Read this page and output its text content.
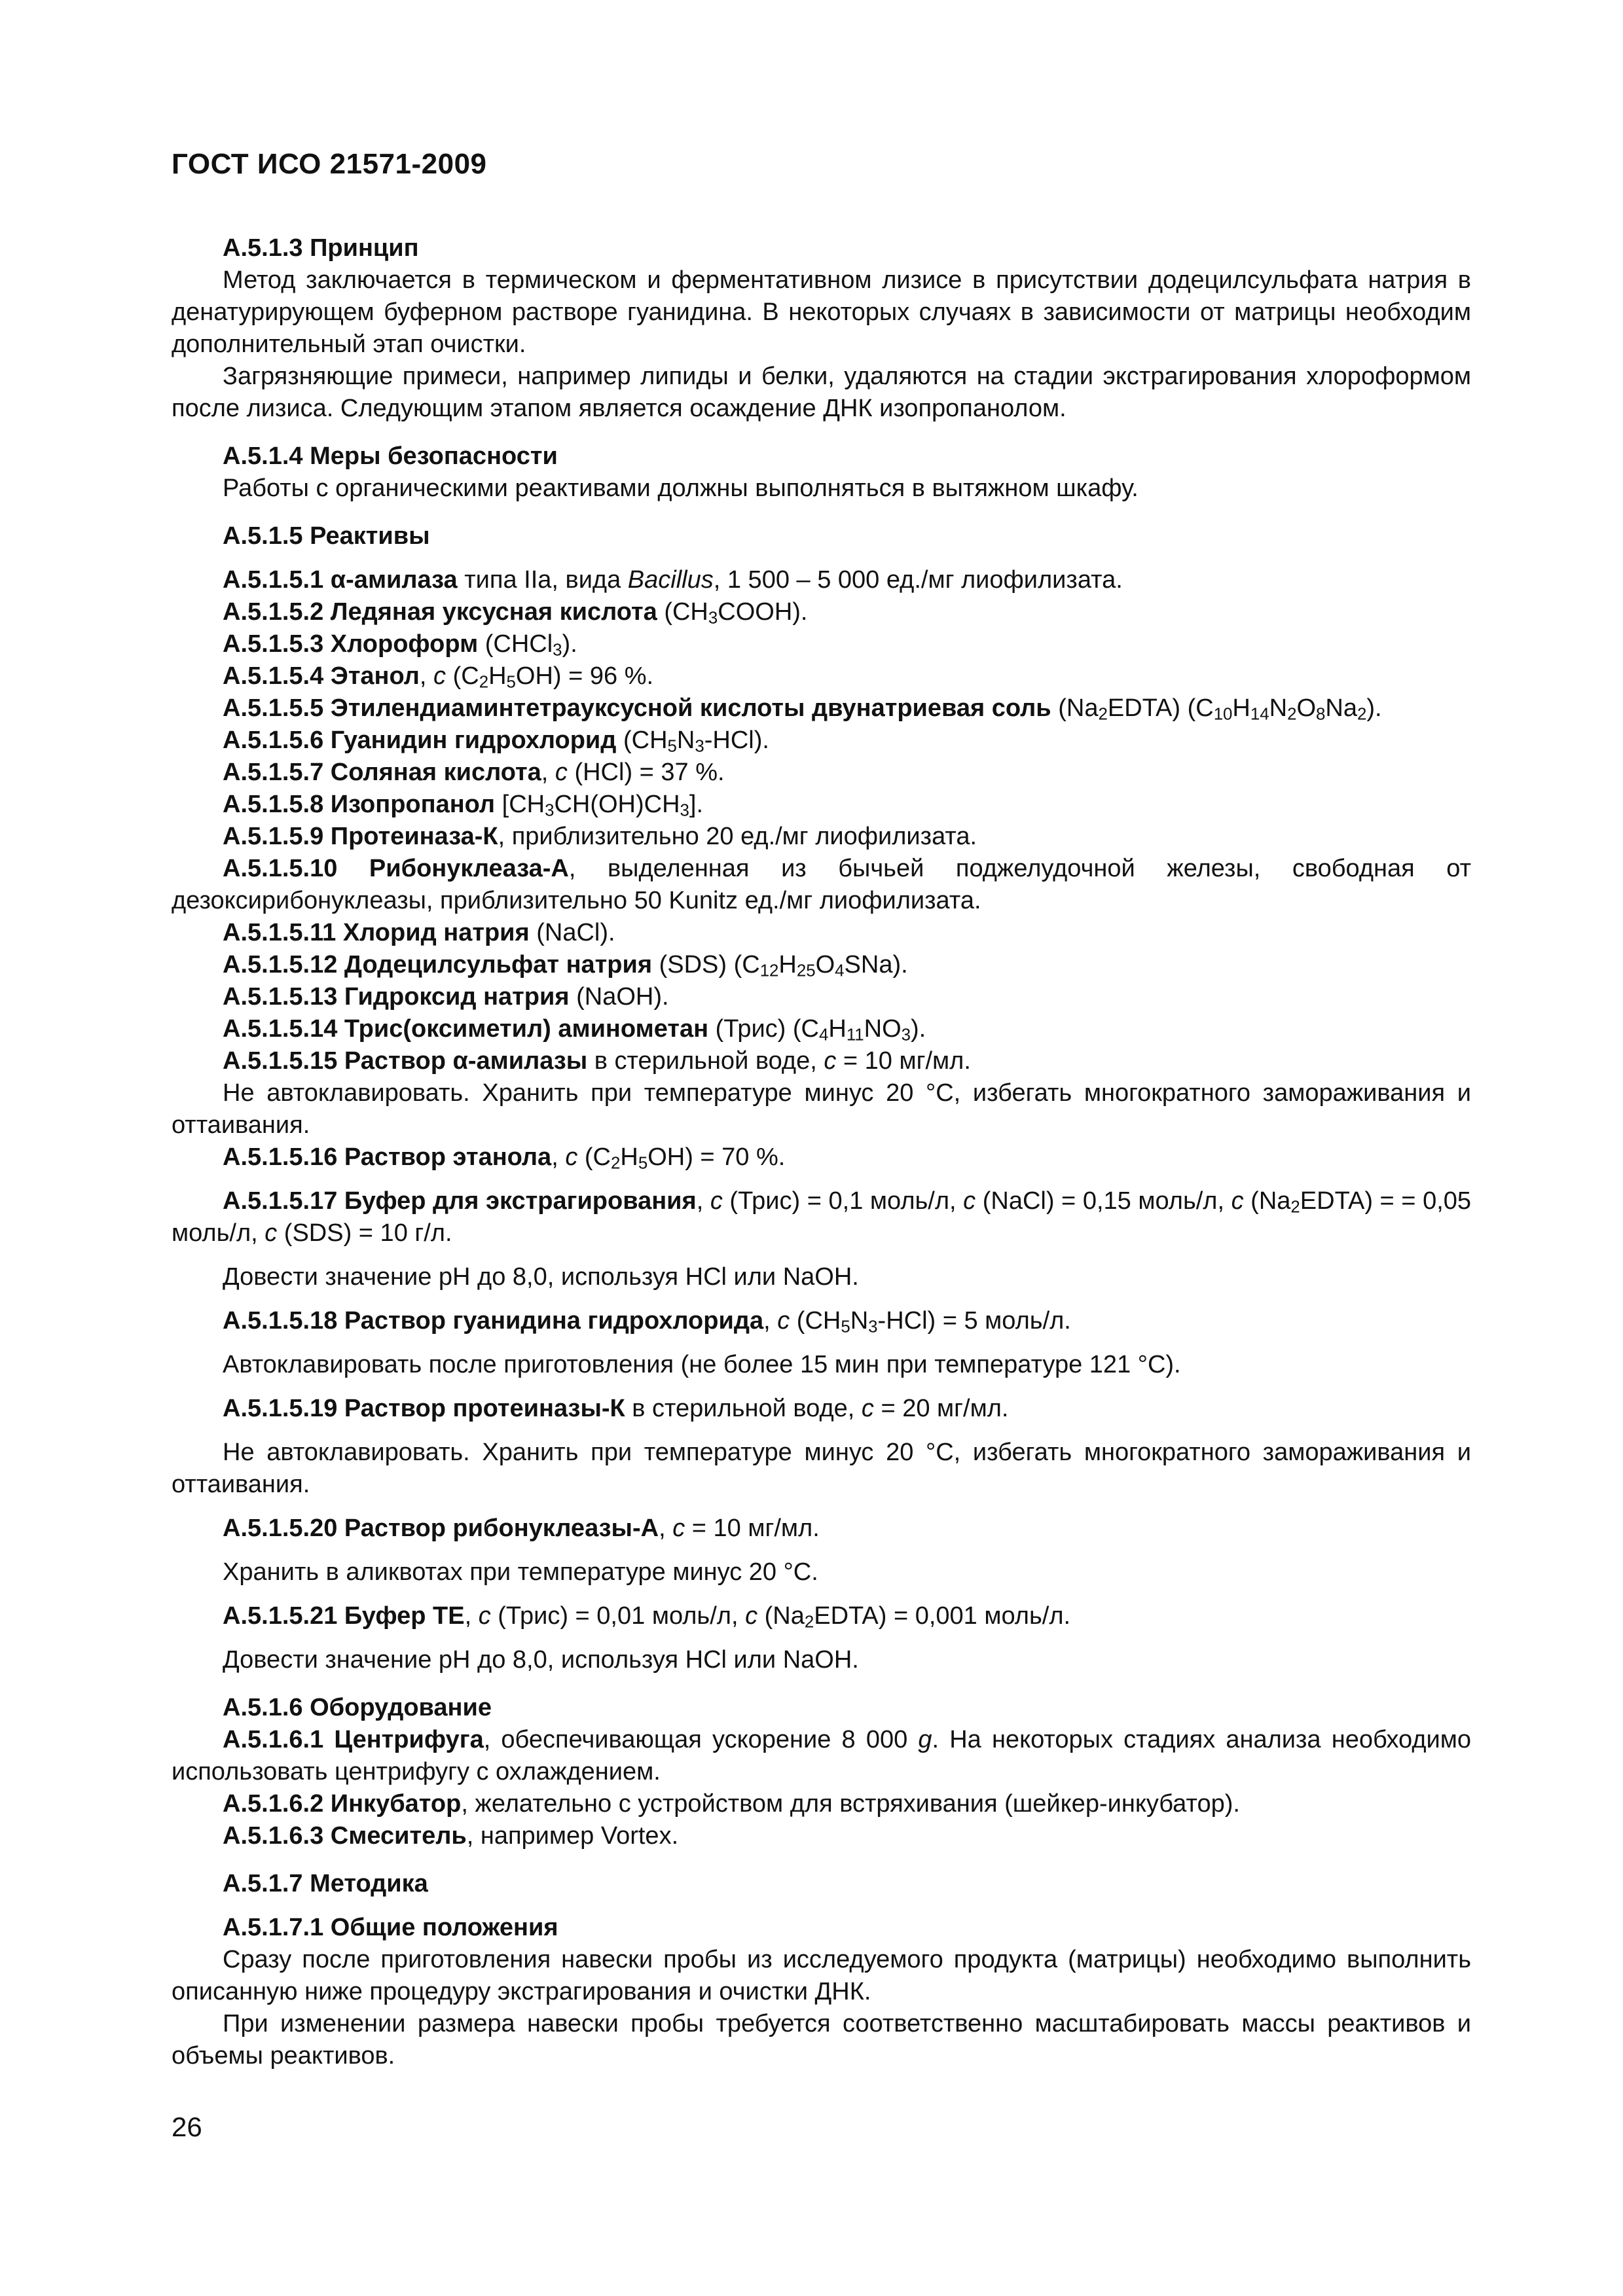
ГОСТ ИСО 21571-2009

А.5.1.3 Принцип

Метод заключается в термическом и ферментативном лизисе в присутствии додецилсульфата натрия в денатурирующем буферном растворе гуанидина. В некоторых случаях в зависимости от матрицы необходим дополнительный этап очистки.

Загрязняющие примеси, например липиды и белки, удаляются на стадии экстрагирования хлороформом после лизиса. Следующим этапом является осаждение ДНК изопропанолом.

А.5.1.4 Меры безопасности

Работы с органическими реактивами должны выполняться в вытяжном шкафу.

А.5.1.5 Реактивы

А.5.1.5.1 α-амилаза типа IIa, вида Bacillus, 1 500 – 5 000 ед./мг лиофилизата.

А.5.1.5.2 Ледяная уксусная кислота $(CH_3COOH)$.

А.5.1.5.3 Хлороформ (CHCl$_3$).

А.5.1.5.4 Этанол, c $(C_2H_5OH) = 96$ %.

А.5.1.5.5 Этилендиаминтетрауксусной кислоты двунатриевая соль $(Na_2EDTA)$ $(C_{10}H_{14}N_2O_8Na_2)$.

А.5.1.5.6 Гуанидин гидрохлорид $(CH_5N_3-HCl)$.

А.5.1.5.7 Соляная кислота, c (HCl) = 37 %.

А.5.1.5.8 Изопропанол $[CH_3CH(OH)CH_3]$.

А.5.1.5.9 Протеиназа-К, приблизительно 20 ед./мг лиофилизата.

А.5.1.5.10 Рибонуклеаза-А, выделенная из бычьей поджелудочной железы, свободная от дезоксирибонуклеазы, приблизительно 50 Kunitz ед./мг лиофилизата.

А.5.1.5.11 Хлорид натрия (NaCl).

А.5.1.5.12 Додецилсульфат натрия (SDS) $(C_{12}H_{25}O_4SNa)$.

А.5.1.5.13 Гидроксид натрия (NaOH).

А.5.1.5.14 Трис(оксиметил) аминометан (Трис) $(C_4H_{11}NO_3)$.

А.5.1.5.15 Раствор α-амилазы в стерильной воде, c = 10 мг/мл.

Не автоклавировать. Хранить при температуре минус 20 °С, избегать многократного замораживания и оттаивания.

А.5.1.5.16 Раствор этанола, c $(C_2H_5OH) = 70$ %.

А.5.1.5.17 Буфер для экстрагирования, c (Трис) = 0,1 моль/л, c (NaCl) = 0,15 моль/л, c $(Na_2EDTA)$ = = 0,05 моль/л, c (SDS) = 10 г/л.

Довести значение pH до 8,0, используя HCl или NaOH.

А.5.1.5.18 Раствор гуанидина гидрохлорида, c $(CH_5N_3-HCl) = 5$ моль/л.

Автоклавировать после приготовления (не более 15 мин при температуре 121 °С).

А.5.1.5.19 Раствор протеиназы-К в стерильной воде, c = 20 мг/мл.

Не автоклавировать. Хранить при температуре минус 20 °С, избегать многократного замораживания и оттаивания.

А.5.1.5.20 Раствор рибонуклеазы-А, c = 10 мг/мл.

Хранить в аликвотах при температуре минус 20 °С.

А.5.1.5.21 Буфер ТЕ, c (Трис) = 0,01 моль/л, c $(Na_2EDTA) = 0,001$ моль/л.

Довести значение pH до 8,0, используя HCl или NaOH.

А.5.1.6 Оборудование

А.5.1.6.1 Центрифуга, обеспечивающая ускорение 8 000 g. На некоторых стадиях анализа необходимо использовать центрифугу с охлаждением.

А.5.1.6.2 Инкубатор, желательно с устройством для встряхивания (шейкер-инкубатор).

А.5.1.6.3 Смеситель, например Vortex.

А.5.1.7 Методика

А.5.1.7.1 Общие положения

Сразу после приготовления навески пробы из исследуемого продукта (матрицы) необходимо выполнить описанную ниже процедуру экстрагирования и очистки ДНК.

При изменении размера навески пробы требуется соответственно масштабировать массы реактивов и объемы реактивов.

26
